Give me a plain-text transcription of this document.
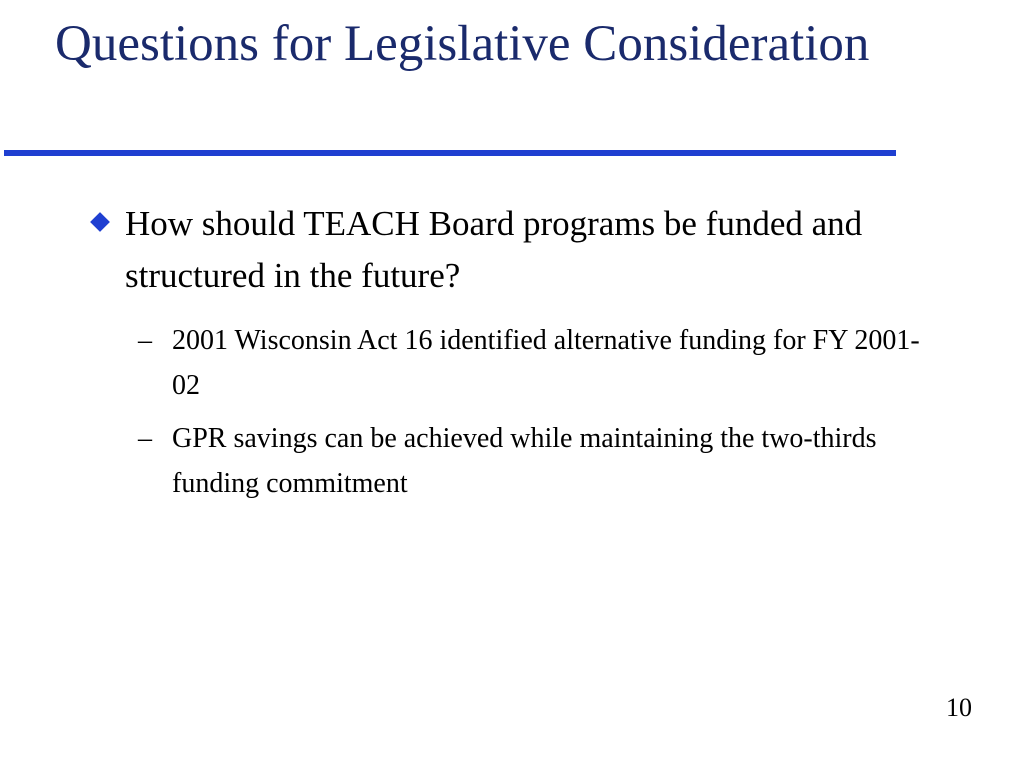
Questions for Legislative Consideration
How should TEACH Board programs be funded and structured in the future?
– 2001 Wisconsin Act 16 identified alternative funding for FY 2001-02
– GPR savings can be achieved while maintaining the two-thirds funding commitment
10
